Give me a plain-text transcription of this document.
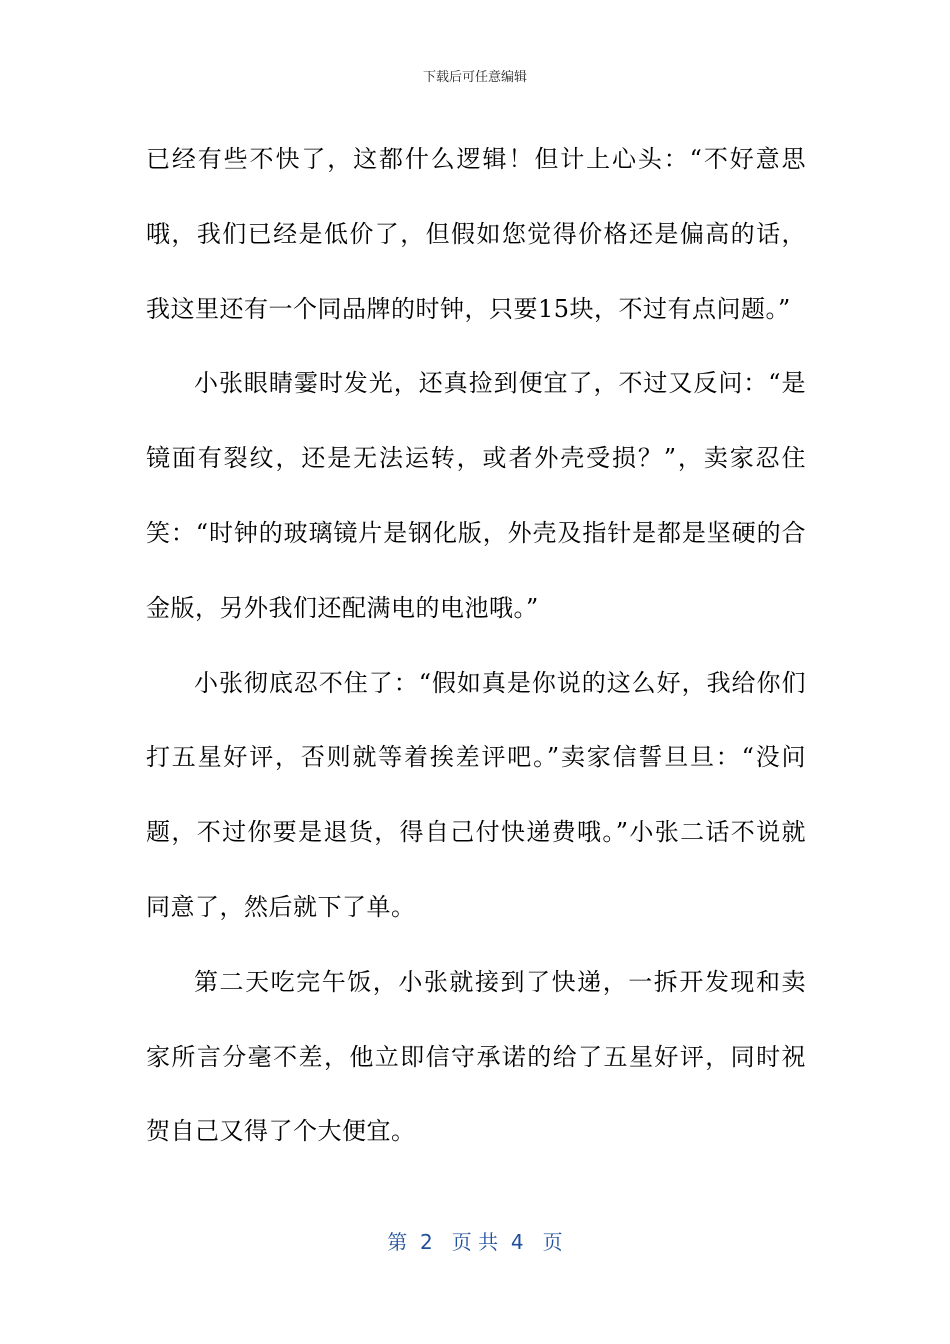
下载后可任意编辑

已经有些不快了，这都什么逻辑！但计上心头：“不好意思哦，我们已经是低价了，但假如您觉得价格还是偏高的话，我这里还有一个同品牌的时钟，只要15块，不过有点问题。”

小张眼睛霎时发光，还真捡到便宜了，不过又反问：“是镜面有裂纹，还是无法运转，或者外壳受损？”，卖家忍住笑：“时钟的玻璃镜片是钢化版，外壳及指针是都是坚硬的合金版，另外我们还配满电的电池哦。”

小张彻底忍不住了：“假如真是你说的这么好，我给你们打五星好评，否则就等着挨差评吧。”卖家信誓旦旦：“没问题，不过你要是退货，得自己付快递费哦。”小张二话不说就同意了，然后就下了单。

第二天吃完午饭，小张就接到了快递，一拆开发现和卖家所言分毫不差，他立即信守承诺的给了五星好评，同时祝贺自己又得了个大便宜。

第  2   页 共  4   页
